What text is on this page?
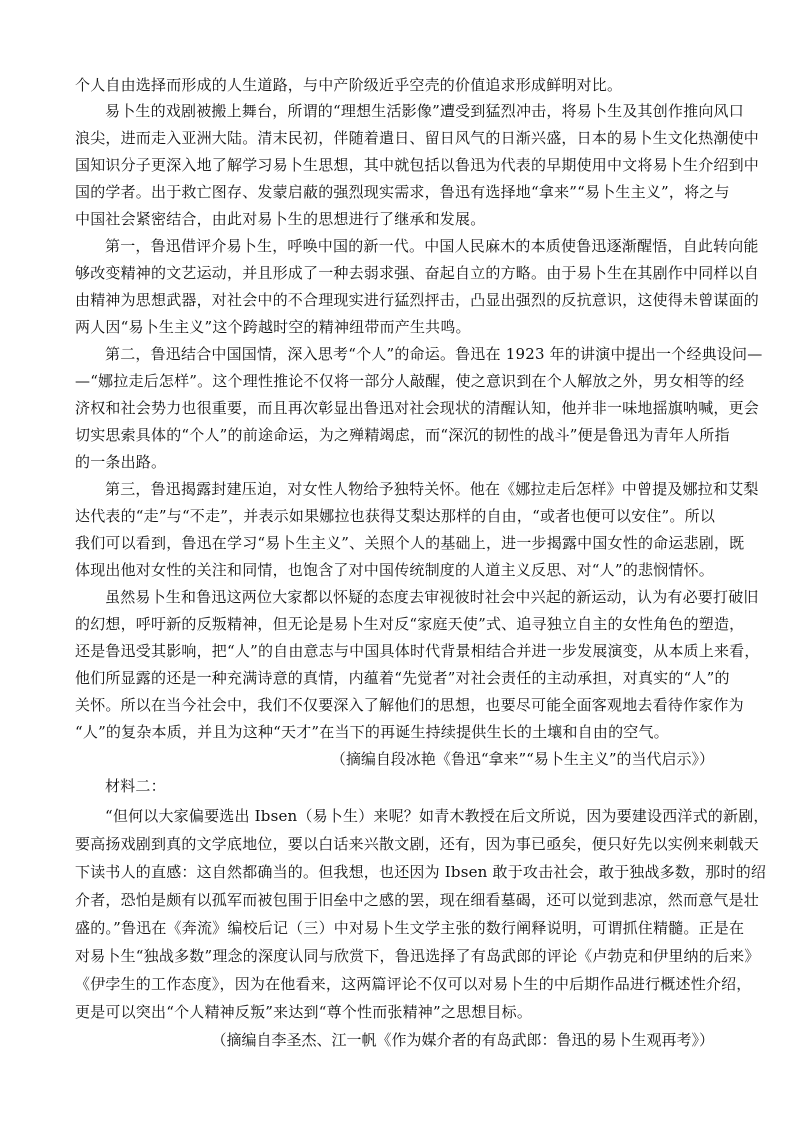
个人自由选择而形成的人生道路，与中产阶级近乎空壳的价值追求形成鲜明对比。
易卜生的戏剧被搬上舞台，所谓的“理想生活影像”遭受到猛烈冲击，将易卜生及其创作推向风口
浪尖，进而走入亚洲大陆。清末民初，伴随着遣日、留日风气的日渐兴盛，日本的易卜生文化热潮使中
国知识分子更深入地了解学习易卜生思想，其中就包括以鲁迅为代表的早期使用中文将易卜生介绍到中
国的学者。出于救亡图存、发蒙启蔽的强烈现实需求，鲁迅有选择地“拿来”“易卜生主义”，将之与
中国社会紧密结合，由此对易卜生的思想进行了继承和发展。
第一，鲁迅借评介易卜生，呼唤中国的新一代。中国人民麻木的本质使鲁迅逐渐醒悟，自此转向能
够改变精神的文艺运动，并且形成了一种去弱求强、奋起自立的方略。由于易卜生在其剧作中同样以自
由精神为思想武器，对社会中的不合理现实进行猛烈抨击，凸显出强烈的反抗意识，这使得未曾谋面的
两人因“易卜生主义”这个跨越时空的精神纽带而产生共鸣。
第二，鲁迅结合中国国情，深入思考“个人”的命运。鲁迅在 1923 年的讲演中提出一个经典设问—
—“娜拉走后怎样”。这个理性推论不仅将一部分人敲醒，使之意识到在个人解放之外，男女相等的经
济权和社会势力也很重要，而且再次彰显出鲁迅对社会现状的清醒认知，他并非一味地摇旗呐喊，更会
切实思索具体的“个人”的前途命运，为之殚精竭虑，而“深沉的韧性的战斗”便是鲁迅为青年人所指
的一条出路。
第三，鲁迅揭露封建压迫，对女性人物给予独特关怀。他在《娜拉走后怎样》中曾提及娜拉和艾梨
达代表的“走”与“不走”，并表示如果娜拉也获得艾梨达那样的自由，“或者也便可以安住”。所以
我们可以看到，鲁迅在学习“易卜生主义”、关照个人的基础上，进一步揭露中国女性的命运悲剧，既
体现出他对女性的关注和同情，也饱含了对中国传统制度的人道主义反思、对“人”的悲悯情怀。
虽然易卜生和鲁迅这两位大家都以怀疑的态度去审视彼时社会中兴起的新运动，认为有必要打破旧
的幻想，呼吁新的反叛精神，但无论是易卜生对反“家庭天使”式、追寻独立自主的女性角色的塑造，
还是鲁迅受其影响，把“人”的自由意志与中国具体时代背景相结合并进一步发展演变，从本质上来看，
他们所显露的还是一种充满诗意的真情，内蕴着“先觉者”对社会责任的主动承担，对真实的“人”的
关怀。所以在当今社会中，我们不仅要深入了解他们的思想，也要尽可能全面客观地去看待作家作为
“人”的复杂本质，并且为这种“天才”在当下的再诞生持续提供生长的土壤和自由的空气。
（摘编自段冰艳《鲁迅“拿来”“易卜生主义”的当代启示》）
材料二：
“但何以大家偏要选出 Ibsen（易卜生）来呢？如青木教授在后文所说，因为要建设西洋式的新剧，
要高扬戏剧到真的文学底地位，要以白话来兴散文剧，还有，因为事已亟矣，便只好先以实例来刺戟天
下读书人的直感：这自然都确当的。但我想，也还因为 Ibsen 敢于攻击社会，敢于独战多数，那时的绍
介者，恐怕是颇有以孤军而被包围于旧垒中之感的罢，现在细看墓碣，还可以觉到悲凉，然而意气是壮
盛的。”鲁迅在《奔流》编校后记（三）中对易卜生文学主张的数行阐释说明，可谓抓住精髓。正是在
对易卜生“独战多数”理念的深度认同与欣赏下，鲁迅选择了有岛武郎的评论《卢勃克和伊里纳的后来》
《伊孛生的工作态度》，因为在他看来，这两篇评论不仅可以对易卜生的中后期作品进行概述性介绍，
更是可以突出“个人精神反叛”来达到“尊个性而张精神”之思想目标。
（摘编自李圣杰、江一帆《作为媒介者的有岛武郎：鲁迅的易卜生观再考》）
